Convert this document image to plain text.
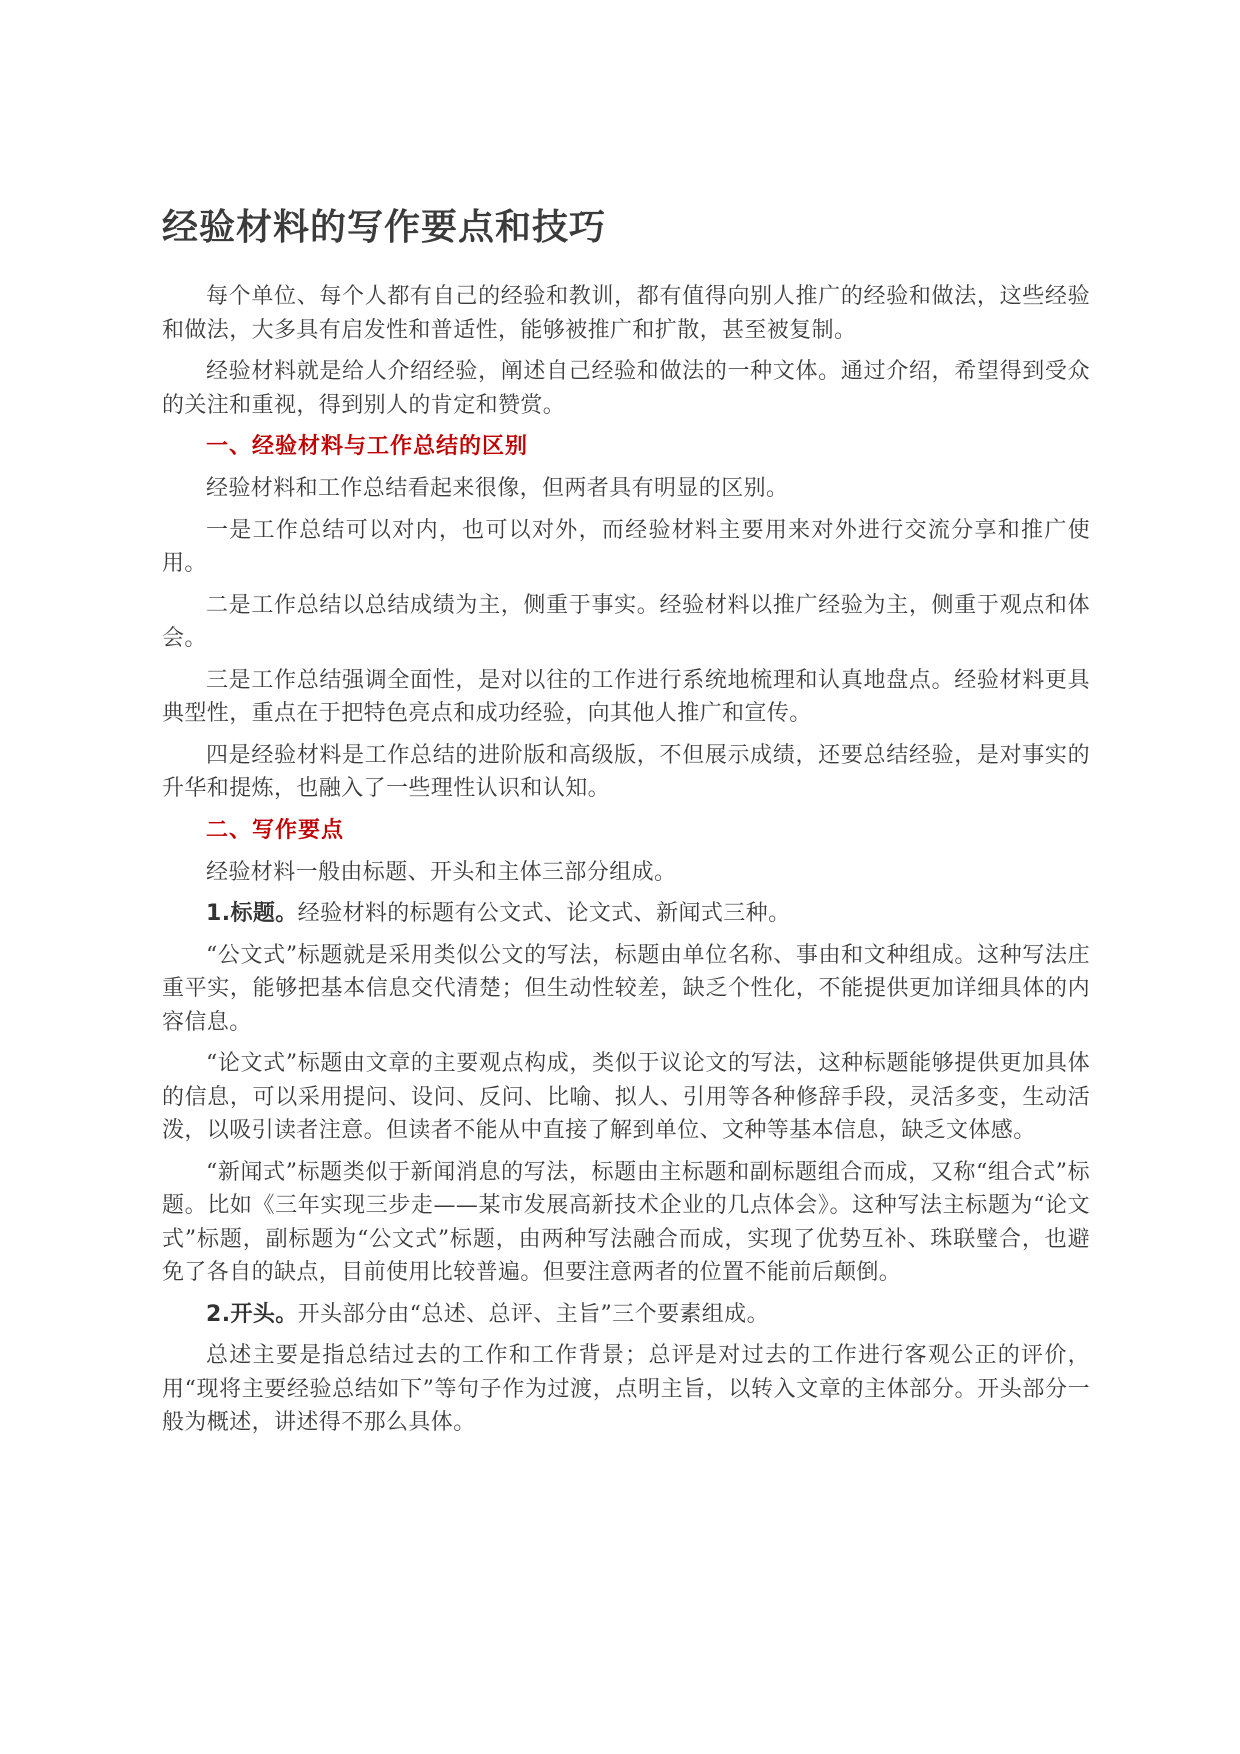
经验材料的写作要点和技巧

每个单位、每个人都有自己的经验和教训，都有值得向别人推广的经验和做法，这些经验和做法，大多具有启发性和普适性，能够被推广和扩散，甚至被复制。

经验材料就是给人介绍经验，阐述自己经验和做法的一种文体。通过介绍，希望得到受众的关注和重视，得到别人的肯定和赞赏。

一、经验材料与工作总结的区别

经验材料和工作总结看起来很像，但两者具有明显的区别。

一是工作总结可以对内，也可以对外，而经验材料主要用来对外进行交流分享和推广使用。

二是工作总结以总结成绩为主，侧重于事实。经验材料以推广经验为主，侧重于观点和体会。

三是工作总结强调全面性，是对以往的工作进行系统地梳理和认真地盘点。经验材料更具典型性，重点在于把特色亮点和成功经验，向其他人推广和宣传。

四是经验材料是工作总结的进阶版和高级版，不但展示成绩，还要总结经验，是对事实的升华和提炼，也融入了一些理性认识和认知。

二、写作要点

经验材料一般由标题、开头和主体三部分组成。

1.标题。经验材料的标题有公文式、论文式、新闻式三种。

“公文式”标题就是采用类似公文的写法，标题由单位名称、事由和文种组成。这种写法庄重平实，能够把基本信息交代清楚；但生动性较差，缺乏个性化，不能提供更加详细具体的内容信息。

“论文式”标题由文章的主要观点构成，类似于议论文的写法，这种标题能够提供更加具体的信息，可以采用提问、设问、反问、比喻、拟人、引用等各种修辞手段，灵活多变，生动活泼，以吸引读者注意。但读者不能从中直接了解到单位、文种等基本信息，缺乏文体感。

“新闻式”标题类似于新闻消息的写法，标题由主标题和副标题组合而成，又称“组合式”标题。比如《三年实现三步走——某市发展高新技术企业的几点体会》。这种写法主标题为“论文式”标题，副标题为“公文式”标题，由两种写法融合而成，实现了优势互补、珠联璧合，也避免了各自的缺点，目前使用比较普遍。但要注意两者的位置不能前后颠倒。

2.开头。开头部分由“总述、总评、主旨”三个要素组成。

总述主要是指总结过去的工作和工作背景；总评是对过去的工作进行客观公正的评价，用“现将主要经验总结如下”等句子作为过渡，点明主旨，以转入文章的主体部分。开头部分一般为概述，讲述得不那么具体。
